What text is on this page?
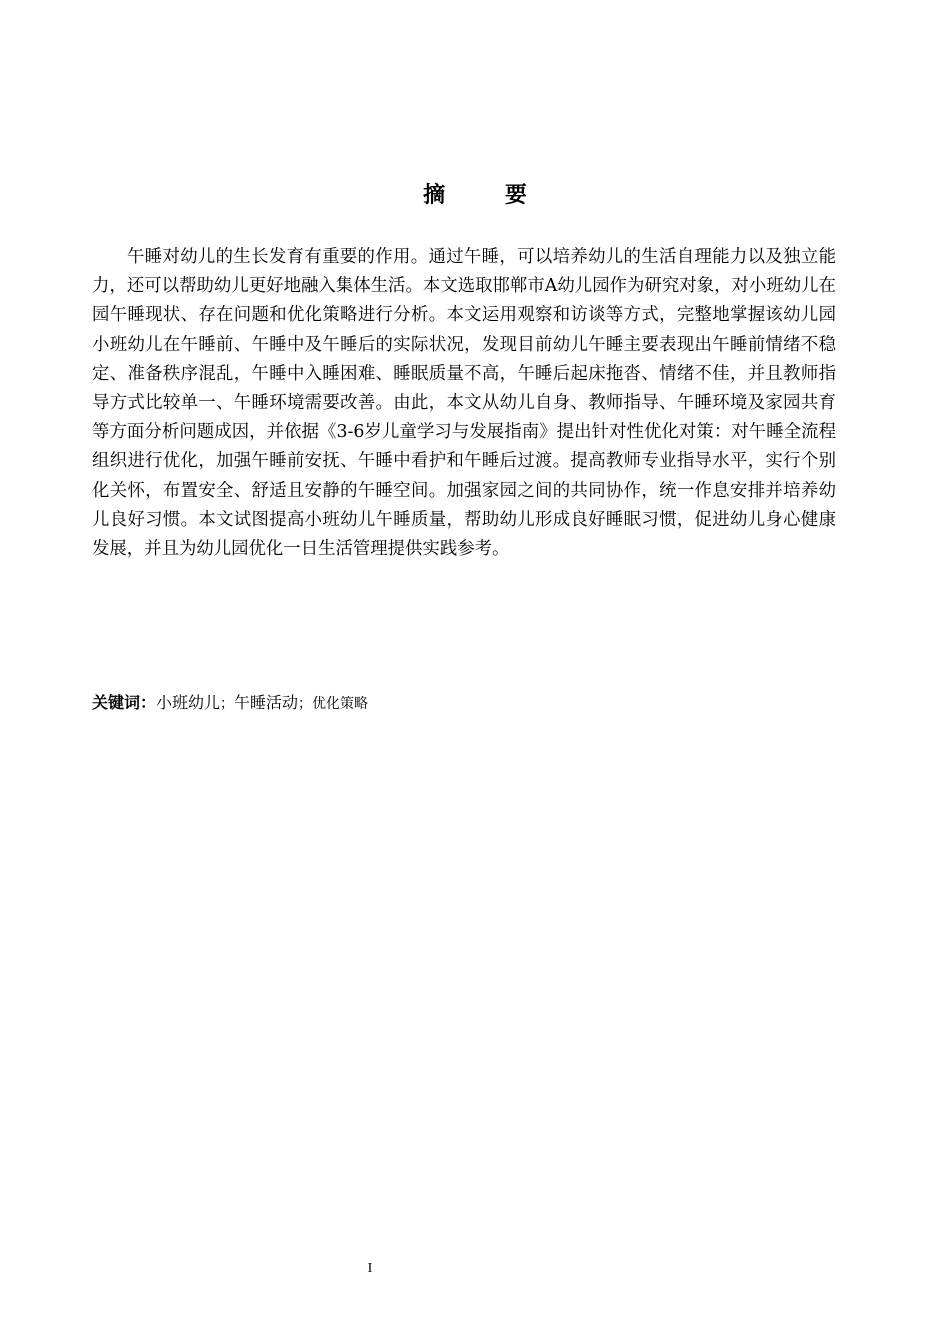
摘 要

午睡对幼儿的生长发育有重要的作用。通过午睡，可以培养幼儿的生活自理能力以及独立能力，还可以帮助幼儿更好地融入集体生活。本文选取邯郸市A幼儿园作为研究对象，对小班幼儿在园午睡现状、存在问题和优化策略进行分析。本文运用观察和访谈等方式，完整地掌握该幼儿园小班幼儿在午睡前、午睡中及午睡后的实际状况，发现目前幼儿午睡主要表现出午睡前情绪不稳定、准备秩序混乱，午睡中入睡困难、睡眠质量不高，午睡后起床拖沓、情绪不佳，并且教师指导方式比较单一、午睡环境需要改善。由此，本文从幼儿自身、教师指导、午睡环境及家园共育等方面分析问题成因，并依据《3-6岁儿童学习与发展指南》提出针对性优化对策：对午睡全流程组织进行优化，加强午睡前安抚、午睡中看护和午睡后过渡。提高教师专业指导水平，实行个别化关怀，布置安全、舒适且安静的午睡空间。加强家园之间的共同协作，统一作息安排并培养幼儿良好习惯。本文试图提高小班幼儿午睡质量，帮助幼儿形成良好睡眠习惯，促进幼儿身心健康发展，并且为幼儿园优化一日生活管理提供实践参考。

关键词：小班幼儿；午睡活动；优化策略
I
